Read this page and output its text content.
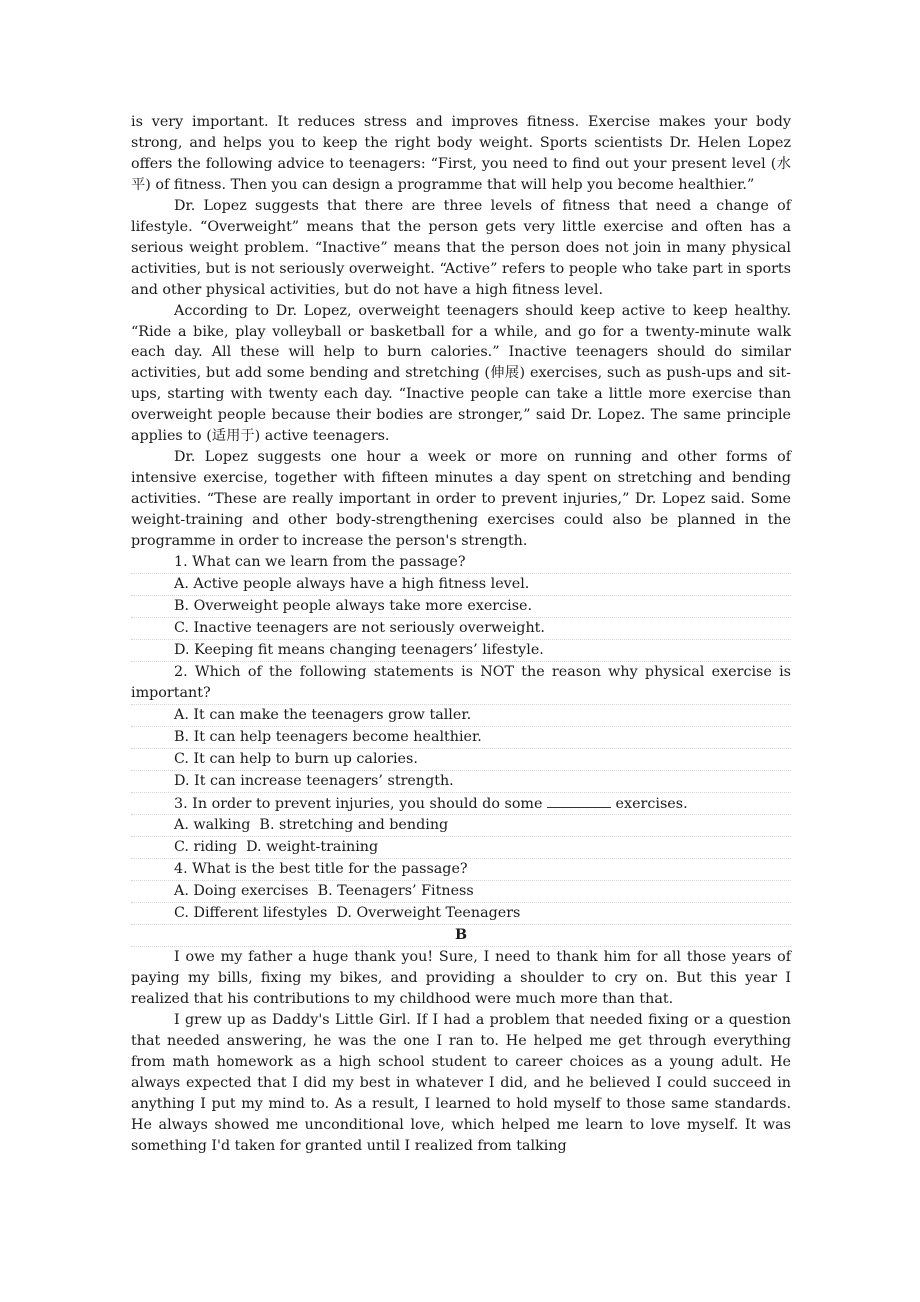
is very important. It reduces stress and improves fitness. Exercise makes your body strong, and helps you to keep the right body weight. Sports scientists Dr. Helen Lopez offers the following advice to teenagers: “First, you need to find out your present level (水平) of fitness. Then you can design a programme that will help you become healthier.”

Dr. Lopez suggests that there are three levels of fitness that need a change of lifestyle. “Overweight” means that the person gets very little exercise and often has a serious weight problem. “Inactive” means that the person does not join in many physical activities, but is not seriously overweight. “Active” refers to people who take part in sports and other physical activities, but do not have a high fitness level.

According to Dr. Lopez, overweight teenagers should keep active to keep healthy. “Ride a bike, play volleyball or basketball for a while, and go for a twenty-minute walk each day. All these will help to burn calories.” Inactive teenagers should do similar activities, but add some bending and stretching (伸展) exercises, such as push-ups and sit-ups, starting with twenty each day. “Inactive people can take a little more exercise than overweight people because their bodies are stronger,” said Dr. Lopez. The same principle applies to (适用于) active teenagers.

Dr. Lopez suggests one hour a week or more on running and other forms of intensive exercise, together with fifteen minutes a day spent on stretching and bending activities. “These are really important in order to prevent injuries,” Dr. Lopez said. Some weight-training and other body-strengthening exercises could also be planned in the programme in order to increase the person's strength.

1. What can we learn from the passage?

A. Active people always have a high fitness level.
B. Overweight people always take more exercise.
C. Inactive teenagers are not seriously overweight.
D. Keeping fit means changing teenagers’ lifestyle.

2. Which of the following statements is NOT the reason why physical exercise is important?

A. It can make the teenagers grow taller.
B. It can help teenagers become healthier.
C. It can help to burn up calories.
D. It can increase teenagers’ strength.

3. In order to prevent injuries, you should do some	exercises.

A. walking  B. stretching and bending
C. riding  D. weight-training

4. What is the best title for the passage?

A. Doing exercises  B. Teenagers’ Fitness
C. Different lifestyles  D. Overweight Teenagers
B

I owe my father a huge thank you! Sure, I need to thank him for all those years of paying my bills, fixing my bikes, and providing a shoulder to cry on. But this year I realized that his contributions to my childhood were much more than that.

I grew up as Daddy's Little Girl. If I had a problem that needed fixing or a question that needed answering, he was the one I ran to. He helped me get through everything from math homework as a high school student to career choices as a young adult. He always expected that I did my best in whatever I did, and he believed I could succeed in anything I put my mind to. As a result, I learned to hold myself to those same standards. He always showed me unconditional love, which helped me learn to love myself. It was something I'd taken for granted until I realized from talking
